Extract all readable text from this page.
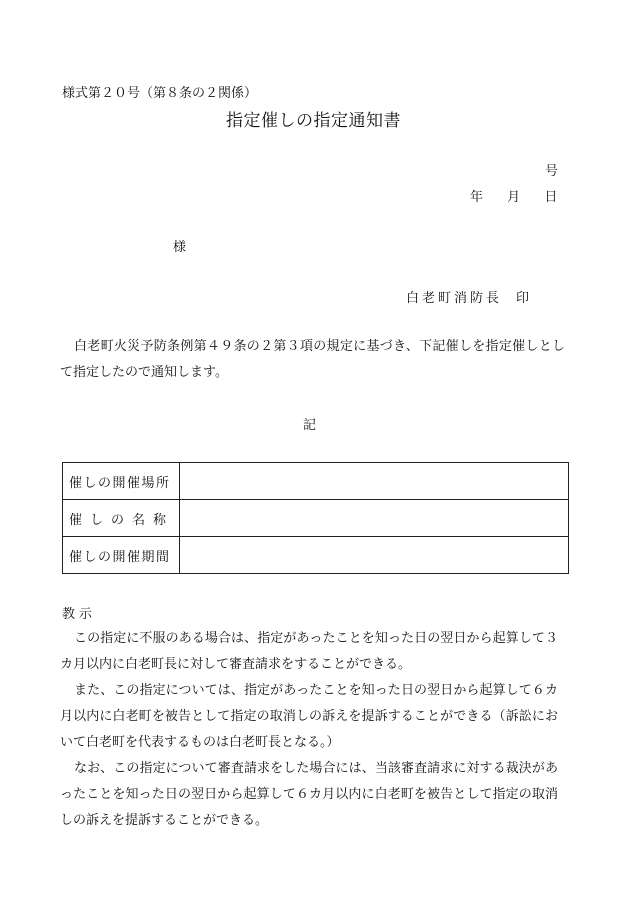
様式第２０号（第８条の２関係）
指定催しの指定通知書
号
年 月 日
様
白老町消防長 印
白老町火災予防条例第４９条の２第３項の規定に基づき、下記催しを指定催しとして指定したので通知します。
記
催しの開催場所	
催しの名称	
催しの開催期間	
教示

この指定に不服のある場合は、指定があったことを知った日の翌日から起算して３カ月以内に白老町長に対して審査請求をすることができる。

また、この指定については、指定があったことを知った日の翌日から起算して６カ月以内に白老町を被告として指定の取消しの訴えを提訴することができる（訴訟において白老町を代表するものは白老町長となる。）

なお、この指定について審査請求をした場合には、当該審査請求に対する裁決があったことを知った日の翌日から起算して６カ月以内に白老町を被告として指定の取消しの訴えを提訴することができる。
